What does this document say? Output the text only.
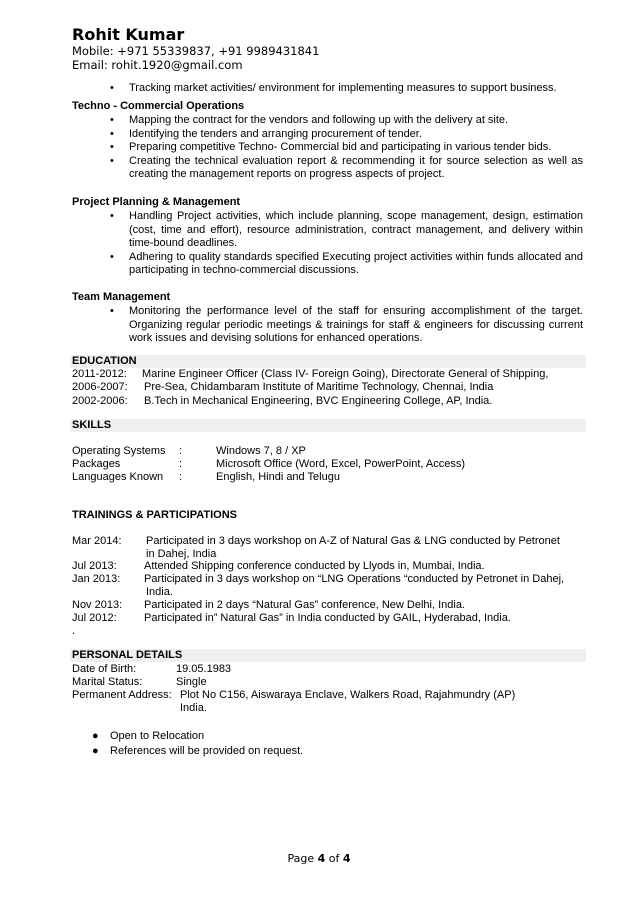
Rohit Kumar
Mobile: +971 55339837, +91 9989431841
Email: rohit.1920@gmail.com
• Tracking market activities/ environment for implementing measures to support business.
Techno - Commercial Operations
• Mapping the contract for the vendors and following up with the delivery at site.
• Identifying the tenders and arranging procurement of tender.
• Preparing competitive Techno- Commercial bid and participating in various tender bids.
• Creating the technical evaluation report & recommending it for source selection as well as creating the management reports on progress aspects of project.
Project Planning & Management
• Handling Project activities, which include planning, scope management, design, estimation (cost, time and effort), resource administration, contract management, and delivery within time-bound deadlines.
• Adhering to quality standards specified Executing project activities within funds allocated and participating in techno-commercial discussions.
Team Management
• Monitoring the performance level of the staff for ensuring accomplishment of the target. Organizing regular periodic meetings & trainings for staff & engineers for discussing current work issues and devising solutions for enhanced operations.
EDUCATION
2011-2012: Marine Engineer Officer (Class IV- Foreign Going), Directorate General of Shipping,
2006-2007: Pre-Sea, Chidambaram Institute of Maritime Technology, Chennai, India
2002-2006: B.Tech in Mechanical Engineering, BVC Engineering College, AP, India.
SKILLS
Operating Systems :	Windows 7, 8 / XP
Packages	:	Microsoft Office (Word, Excel, PowerPoint, Access)
Languages Known :	English, Hindi and Telugu
TRAININGS & PARTICIPATIONS
Mar 2014: Participated in 3 days workshop on A-Z of Natural Gas & LNG conducted by Petronet
in Dahej, India
Jul 2013: Attended Shipping conference conducted by Llyods in, Mumbai, India.
Jan 2013: Participated in 3 days workshop on “LNG Operations “conducted by Petronet in Dahej,
India.
Nov 2013: Participated in 2 days “Natural Gas” conference, New Delhi, India.
Jul 2012: Participated in” Natural Gas” in India conducted by GAIL, Hyderabad, India.
.
PERSONAL DETAILS
Date of Birth:	19.05.1983
Marital Status:	Single
Permanent Address: Plot No C156, Aiswaraya Enclave, Walkers Road, Rajahmundry (AP)
India.
● Open to Relocation
● References will be provided on request.
Page 4 of 4
